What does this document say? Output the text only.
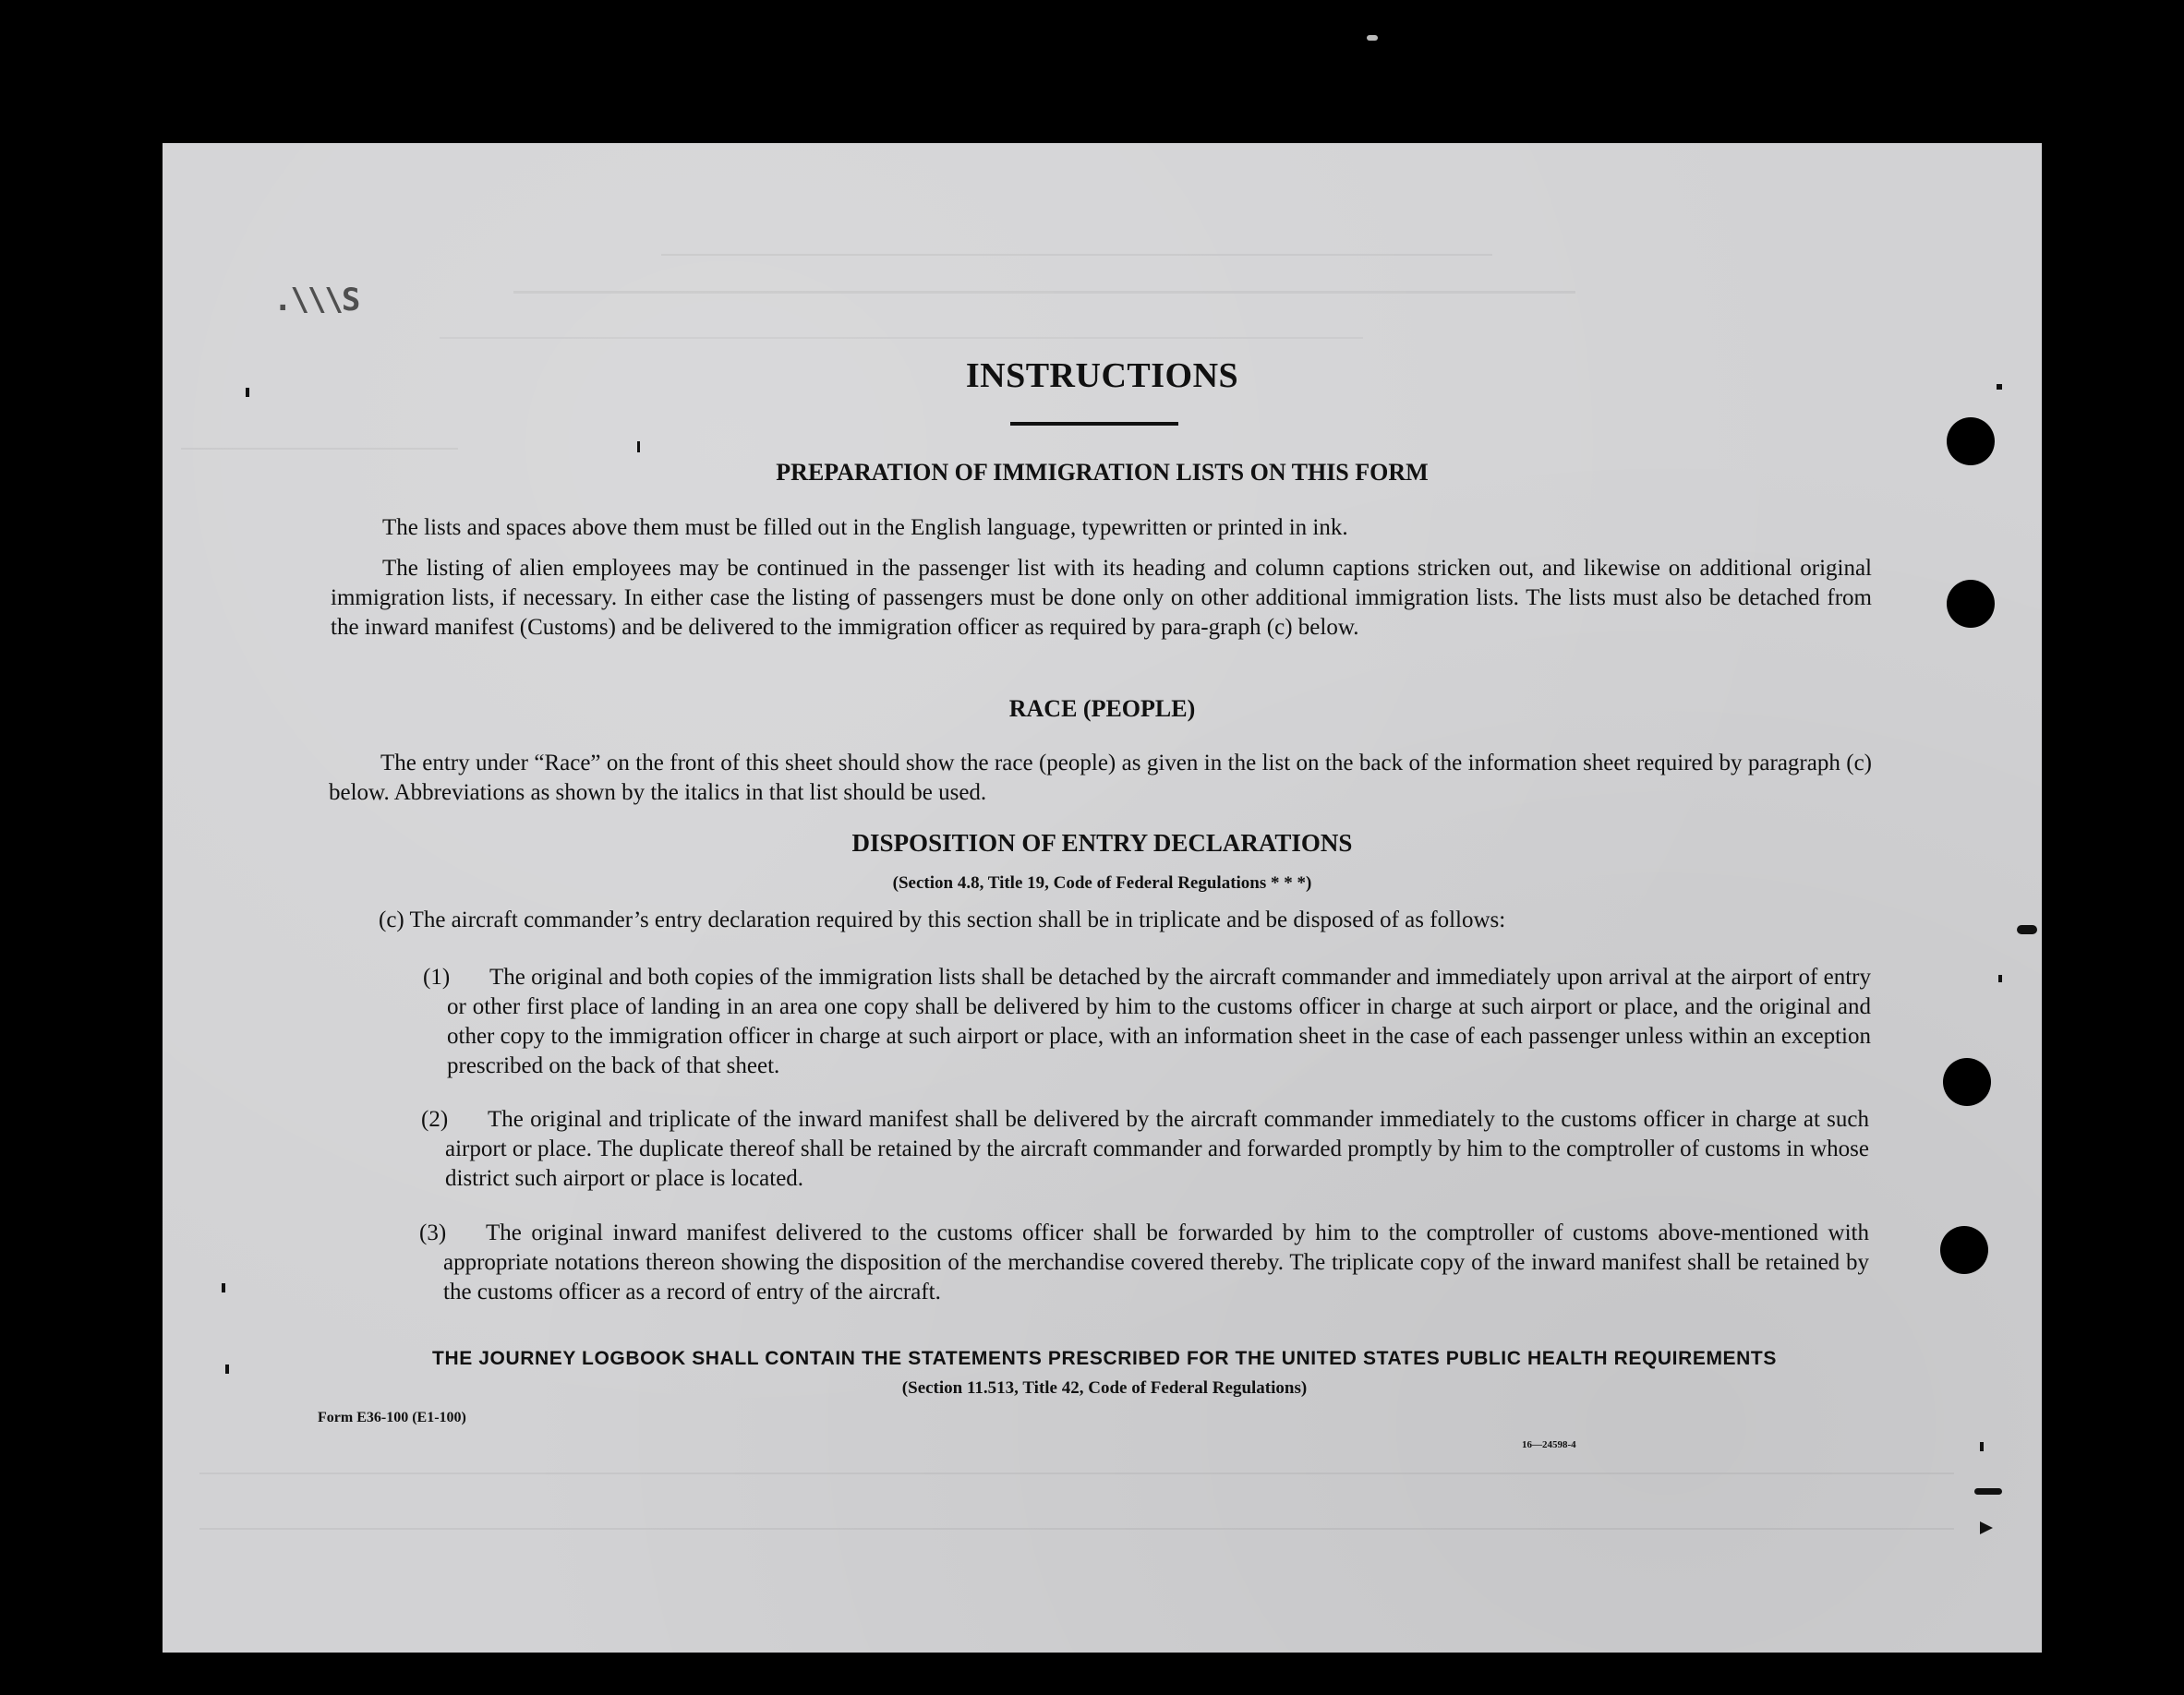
.\\\S
INSTRUCTIONS
PREPARATION OF IMMIGRATION LISTS ON THIS FORM
The lists and spaces above them must be filled out in the English language, typewritten or printed in ink.
The listing of alien employees may be continued in the passenger list with its heading and column captions stricken out, and likewise on additional original immigration lists, if necessary. In either case the listing of passengers must be done only on other additional immigration lists. The lists must also be detached from the inward manifest (Customs) and be delivered to the immigration officer as required by para-graph (c) below.
RACE (PEOPLE)
The entry under “Race” on the front of this sheet should show the race (people) as given in the list on the back of the information sheet required by paragraph (c) below. Abbreviations as shown by the italics in that list should be used.
DISPOSITION OF ENTRY DECLARATIONS
(Section 4.8, Title 19, Code of Federal Regulations * * *)
(c) The aircraft commander’s entry declaration required by this section shall be in triplicate and be disposed of as follows:
(1)	The original and both copies of the immigration lists shall be detached by the aircraft commander and immediately upon arrival at the airport of entry or other first place of landing in an area one copy shall be delivered by him to the customs officer in charge at such airport or place, and the original and other copy to the immigration officer in charge at such airport or place, with an information sheet in the case of each passenger unless within an exception prescribed on the back of that sheet.
(2)	The original and triplicate of the inward manifest shall be delivered by the aircraft commander immediately to the customs officer in charge at such airport or place. The duplicate thereof shall be retained by the aircraft commander and forwarded promptly by him to the comptroller of customs in whose district such airport or place is located.
(3)	The original inward manifest delivered to the customs officer shall be forwarded by him to the comptroller of customs above-mentioned with appropriate notations thereon showing the disposition of the merchandise covered thereby. The triplicate copy of the inward manifest shall be retained by the customs officer as a record of entry of the aircraft.
THE JOURNEY LOGBOOK SHALL CONTAIN THE STATEMENTS PRESCRIBED FOR THE UNITED STATES PUBLIC HEALTH REQUIREMENTS
(Section 11.513, Title 42, Code of Federal Regulations)
Form E36-100 (E1-100)
16—24598-4
